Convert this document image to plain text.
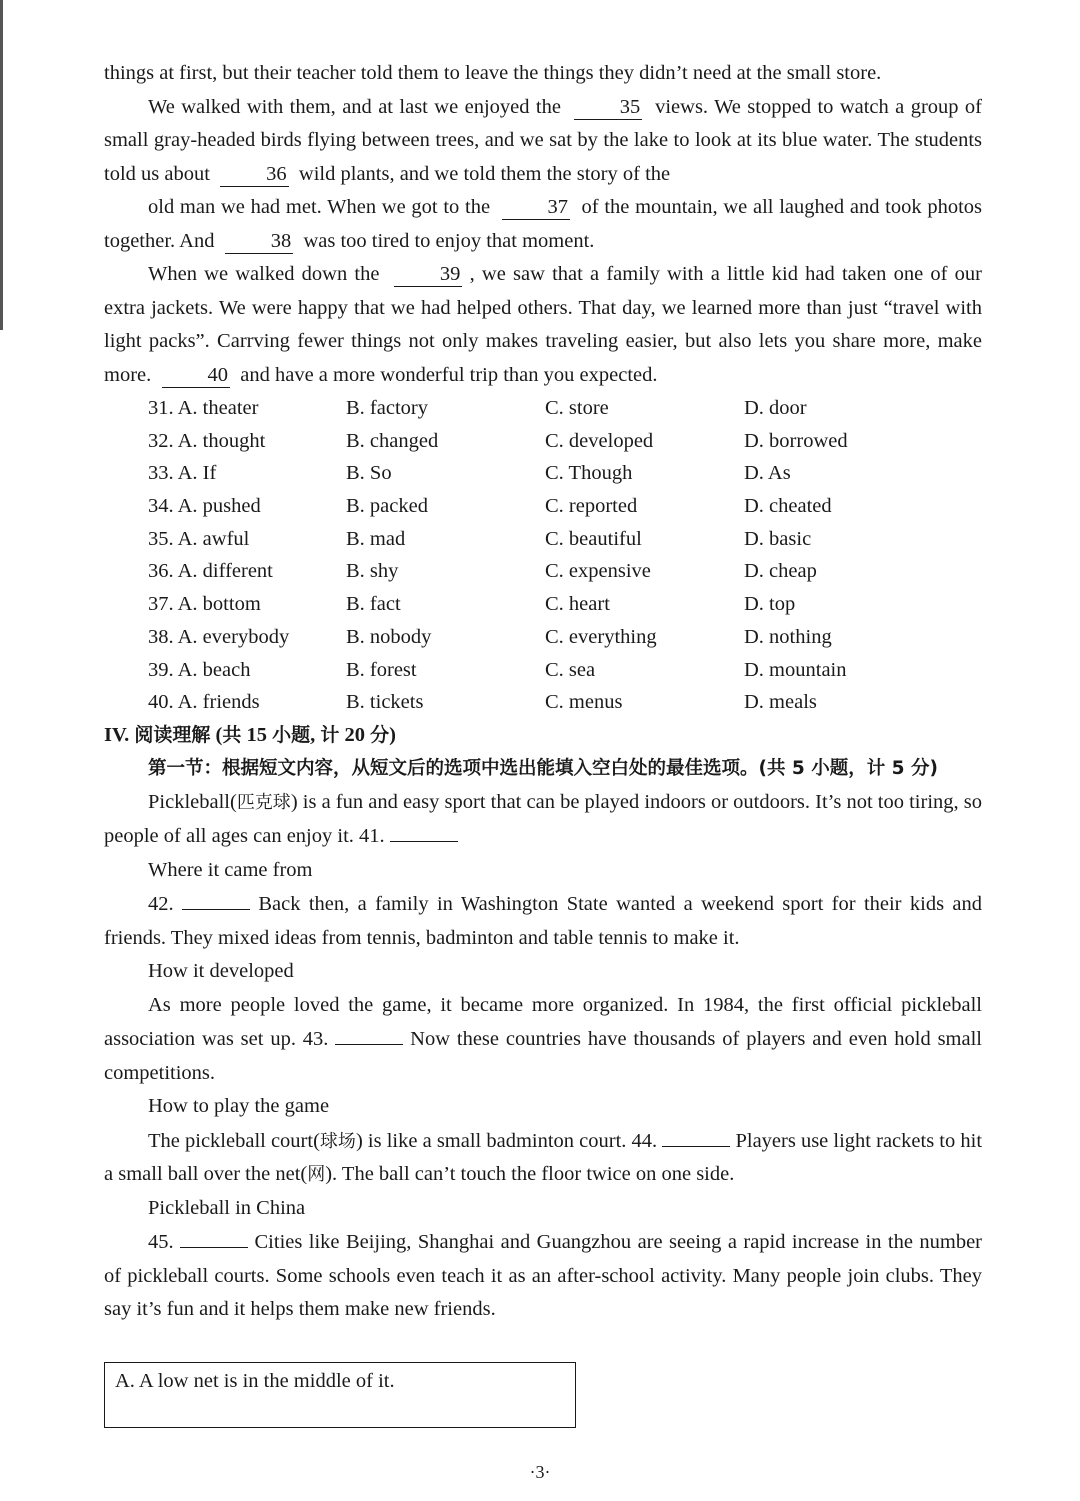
things at first, but their teacher told them to leave the things they didn’t need at the small store.

We walked with them, and at last we enjoyed the	35 views. We stopped to watch a group of small gray-headed birds flying between trees, and we sat by the lake to look at its blue water. The students told us about	36 wild plants, and we told them the story of the

old man we had met. When we got to the	37 of the mountain, we all laughed and took photos together. And	38 was too tired to enjoy that moment.

When we walked down the	39 , we saw that a family with a little kid had taken one of our extra jackets. We were happy that we had helped others. That day, we learned more than just “travel with light packs”. Carrving fewer things not only makes traveling easier, but also lets you share more, make more.	40 and have a more wonderful trip than you expected.

31. A. theater	B. factory	C. store	D. door
32. A. thought	B. changed	C. developed	D. borrowed
33. A. If	B. So	C. Though	D. As
34. A. pushed	B. packed	C. reported	D. cheated
35. A. awful	B. mad	C. beautiful	D. basic
36. A. different	B. shy	C. expensive	D. cheap
37. A. bottom	B. fact	C. heart	D. top
38. A. everybody	B. nobody	C. everything	D. nothing
39. A. beach	B. forest	C. sea	D. mountain
40. A. friends	B. tickets	C. menus	D. meals

IV. 阅读理解 (共 15 小题, 计 20 分)

第一节：根据短文内容，从短文后的选项中选出能填入空白处的最佳选项。(共 5 小题，计 5 分)

Pickleball(匹克球) is a fun and easy sport that can be played indoors or outdoors. It’s not too tiring, so people of all ages can enjoy it. 41.

Where it came from

42.	Back then, a family in Washington State wanted a weekend sport for their kids and friends. They mixed ideas from tennis, badminton and table tennis to make it.

How it developed

As more people loved the game, it became more organized. In 1984, the first official pickleball association was set up. 43.	Now these countries have thousands of players and even hold small competitions.

How to play the game

The pickleball court(球场) is like a small badminton court. 44.	Players use light rackets to hit a small ball over the net(网). The ball can’t touch the floor twice on one side.

Pickleball in China

45.	Cities like Beijing, Shanghai and Guangzhou are seeing a rapid increase in the number of pickleball courts. Some schools even teach it as an after-school activity. Many people join clubs. They say it’s fun and it helps them make new friends.

A. A low net is in the middle of it.
·3·
